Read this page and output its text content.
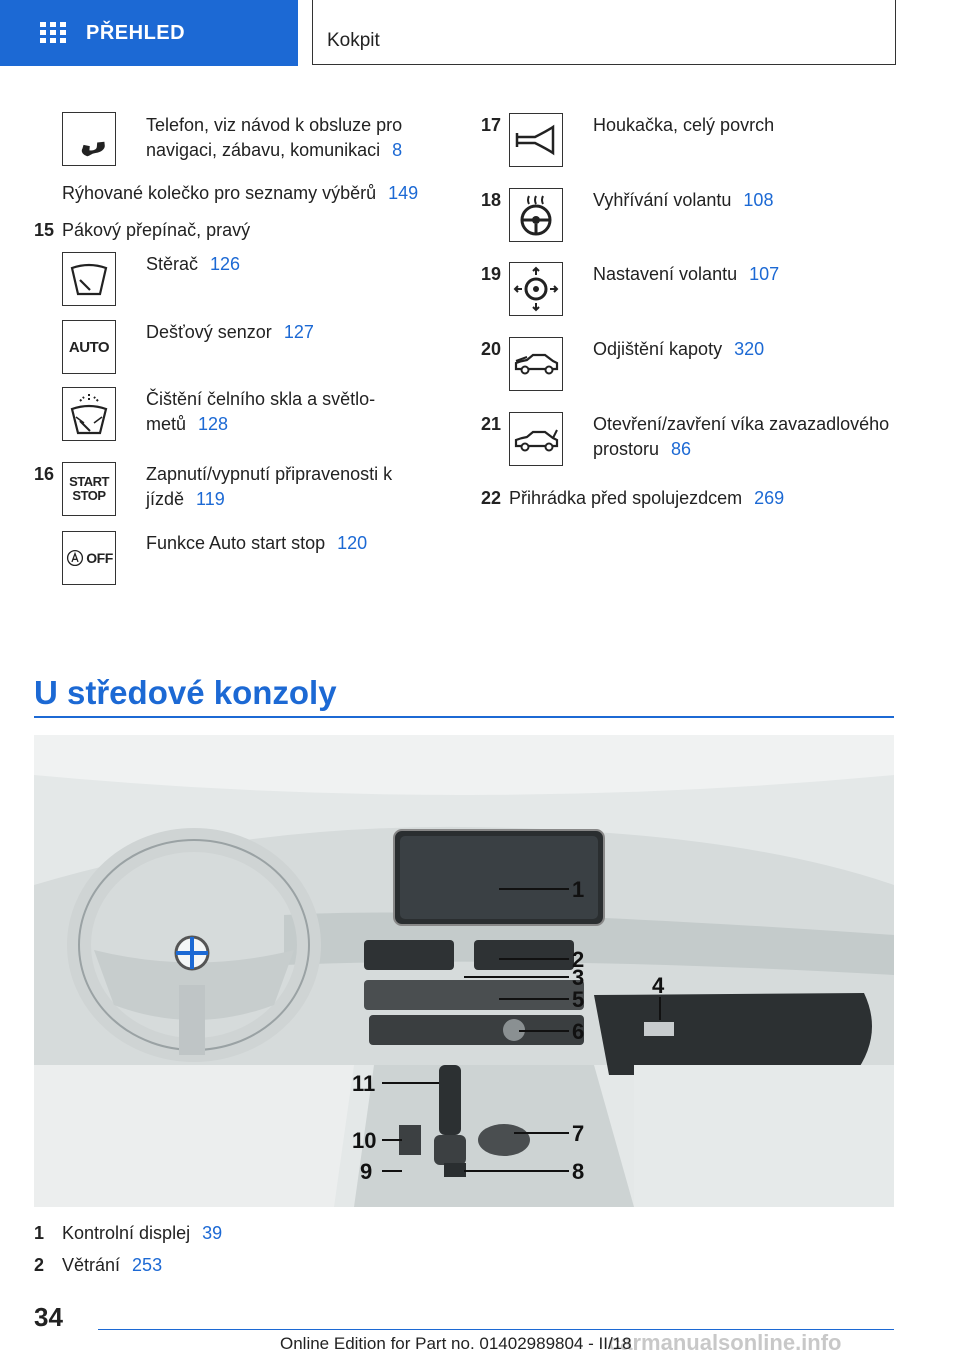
PŘEHLED	Kokpit
Telefon, viz návod k obsluze pro
navigaci, zábavu, komunikaci 8
Rýhované kolečko pro seznamy výběrů 149
15 Pákový přepínač, pravý
Stěrač 126
AUTO
Dešťový senzor 127
Čištění čelního skla a světlo-
metů 128
16 START
STOP
Zapnutí/vypnutí připravenosti k
jízdě 119
OFF
Funkce Auto start stop 120
17	Houkačka, celý povrch
18	Vyhřívání volantu 108
19	Nastavení volantu 107
20	Odjištění kapoty 320
21	Otevření/zavření víka zavazadlového
prostoru 86
22 Přihrádka před spolujezdcem 269
U středové konzoly
1
2
3
5
6
4
11
10
9
7
8
1 Kontrolní displej 39
2 Větrání 253
34
carmanualsonline.info
Online Edition for Part no. 01402989804 - II/18
